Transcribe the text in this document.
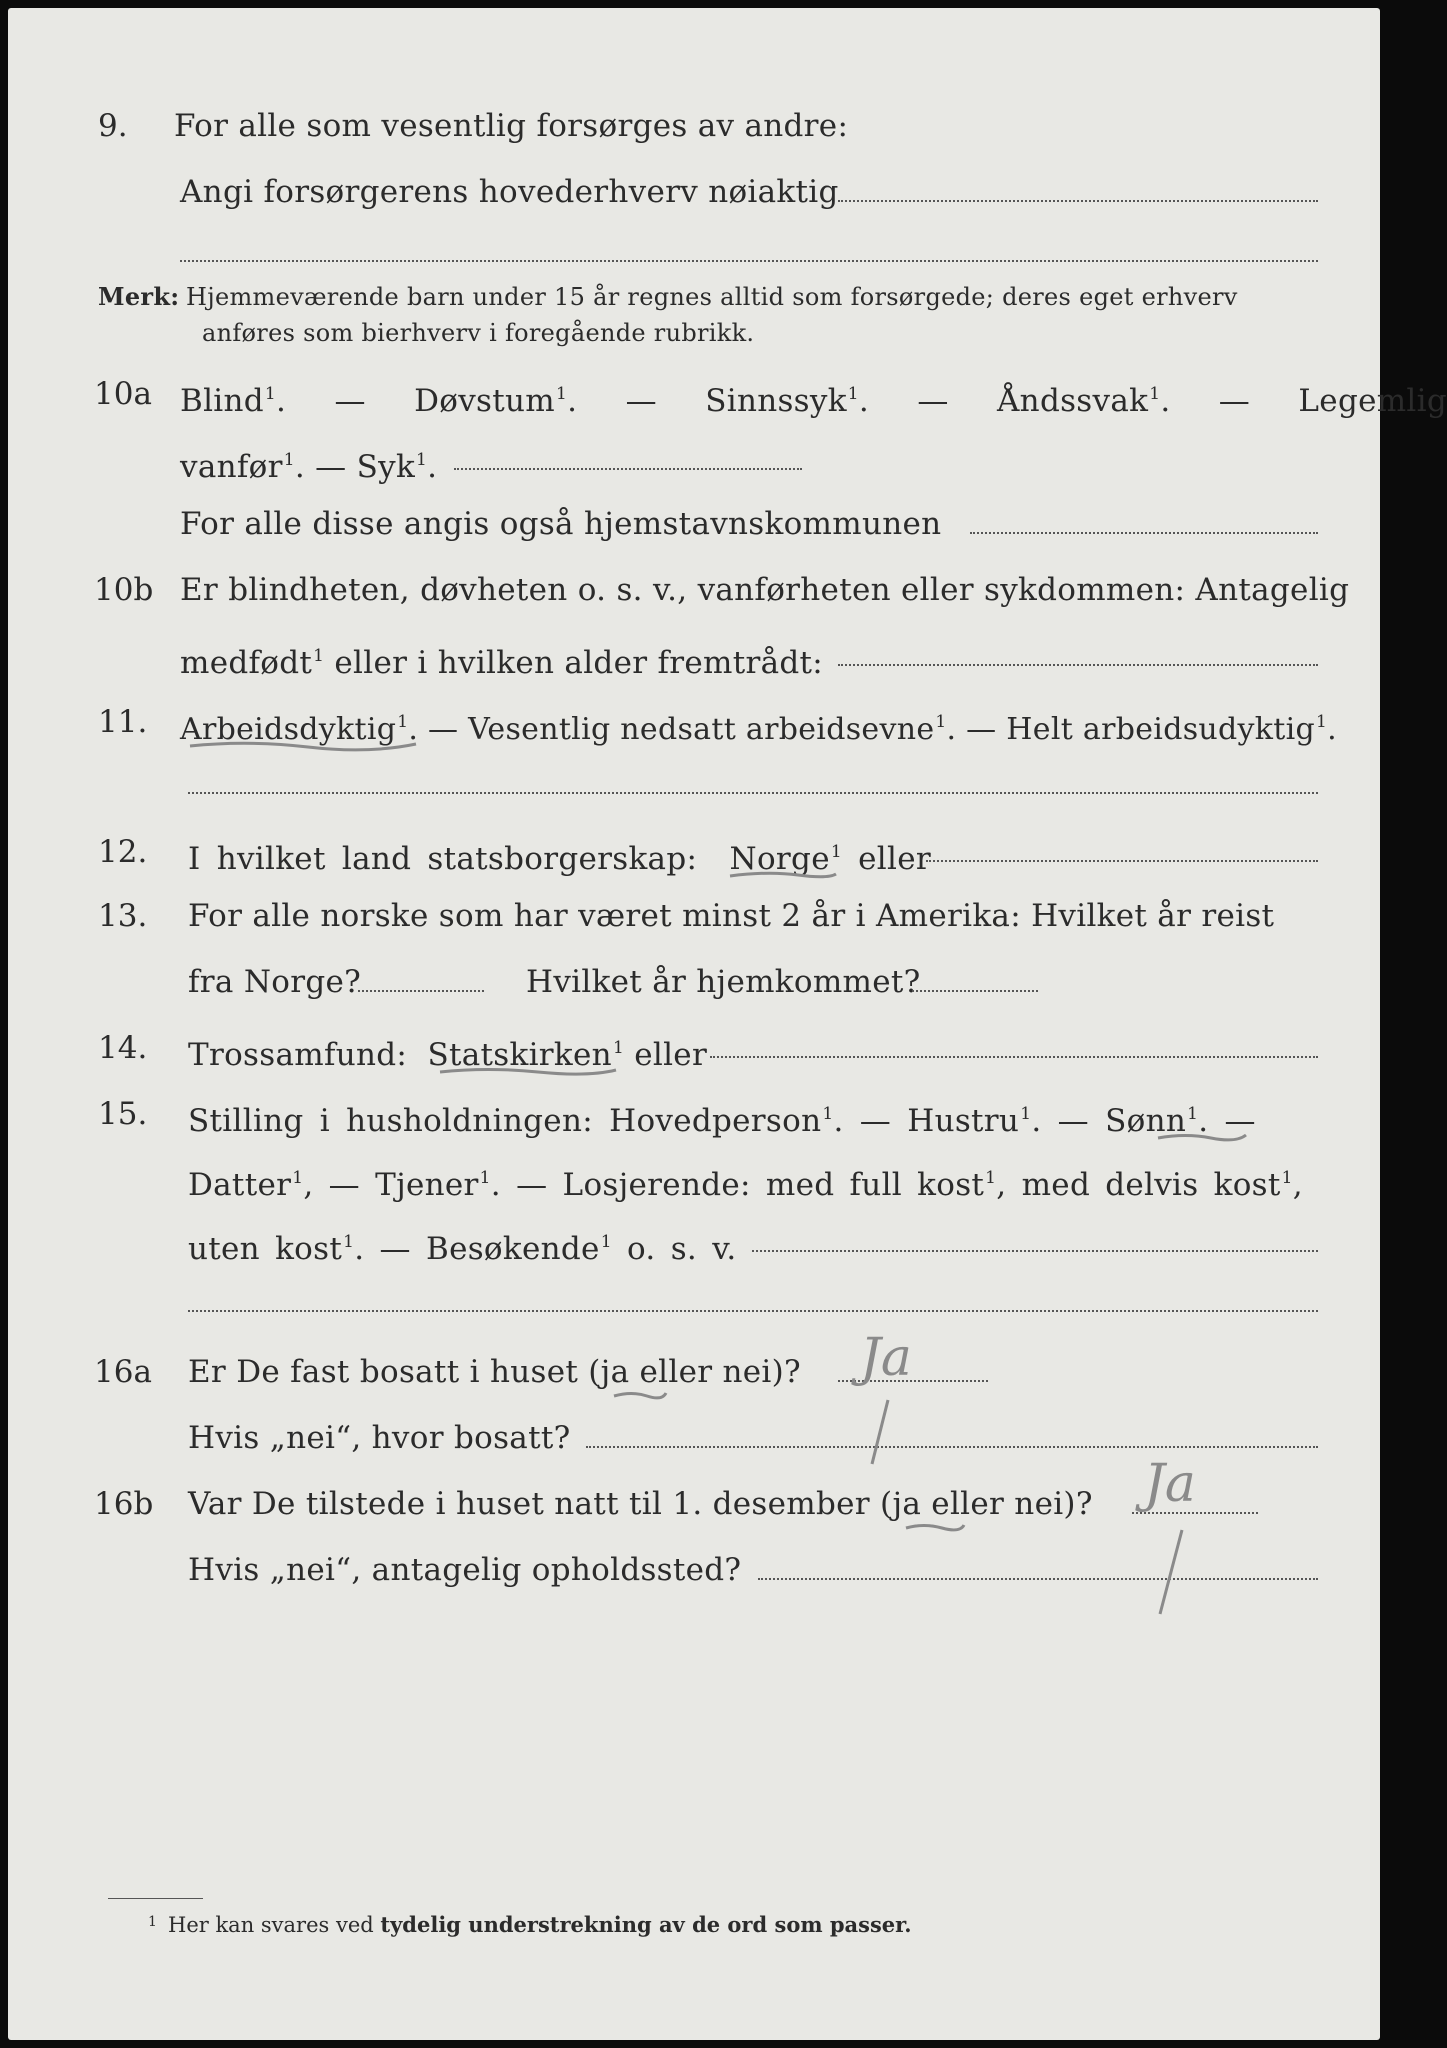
9. For alle som vesentlig forsørges av andre:
Angi forsørgerens hovederhverv nøiaktig
Merk: Hjemmeværende barn under 15 år regnes alltid som forsørgede; deres eget erhverv
anføres som bierhverv i foregående rubrikk.
10a Blind$^1$.  —  Døvstum$^1$.  —  Sinnssyk$^1$.  —  Åndssvak$^1$.  —  Legemlig
vanfør$^1$. — Syk$^1$.
For alle disse angis også hjemstavnskommunen
10b Er blindheten, døvheten o. s. v., vanførheten eller sykdommen: Antagelig
medfødt$^1$ eller i hvilken alder fremtrådt:
11. Arbeidsdyktig$^1$. — Vesentlig nedsatt arbeidsevne$^1$. — Helt arbeidsudyktig$^1$.
12. I hvilket land statsborgerskap: Norge$^1$ eller
13. For alle norske som har været minst 2 år i Amerika: Hvilket år reist
fra Norge?	Hvilket år hjemkommet?
14. Trossamfund: Statskirken$^1$ eller
15. Stilling i husholdningen: Hovedperson$^1$. — Hustru$^1$. — Sønn$^1$. —
Datter$^1$, — Tjener$^1$. — Losjerende: med full kost$^1$, med delvis kost$^1$,
uten kost$^1$. — Besøkende$^1$ o. s. v.
16a Er De fast bosatt i huset (ja eller nei)? Ja
Hvis „nei“, hvor bosatt?
16b Var De tilstede i huset natt til 1. desember (ja eller nei)? Ja
Hvis „nei“, antagelig opholdssted?
1 Her kan svares ved tydelig understrekning av de ord som passer.
